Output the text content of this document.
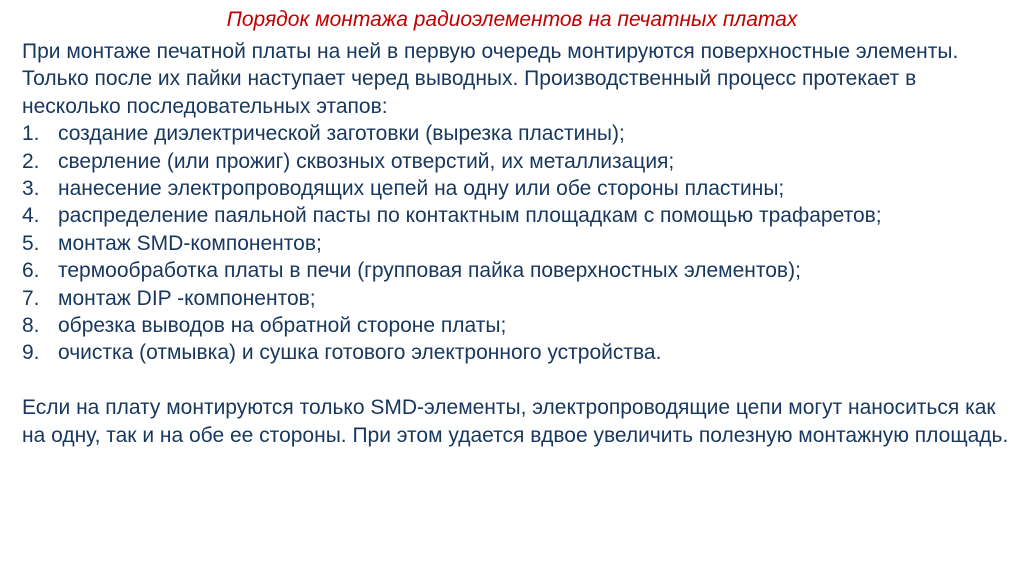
Порядок монтажа радиоэлементов на печатных платах

При монтаже печатной платы на ней в первую очередь монтируются поверхностные элементы. Только после их пайки наступает черед выводных. Производственный процесс протекает в несколько последовательных этапов:

1. создание диэлектрической заготовки (вырезка пластины);
2. сверление (или прожиг) сквозных отверстий, их металлизация;
3. нанесение электропроводящих цепей на одну или обе стороны пластины;
4. распределение паяльной пасты по контактным площадкам с помощью трафаретов;
5. монтаж SMD-компонентов;
6. термообработка платы в печи (групповая пайка поверхностных элементов);
7. монтаж DIP -компонентов;
8. обрезка выводов на обратной стороне платы;
9. очистка (отмывка) и сушка готового электронного устройства.

Если на плату монтируются только SMD-элементы, электропроводящие цепи могут наноситься как на одну, так и на обе ее стороны. При этом удается вдвое увеличить полезную монтажную площадь.
